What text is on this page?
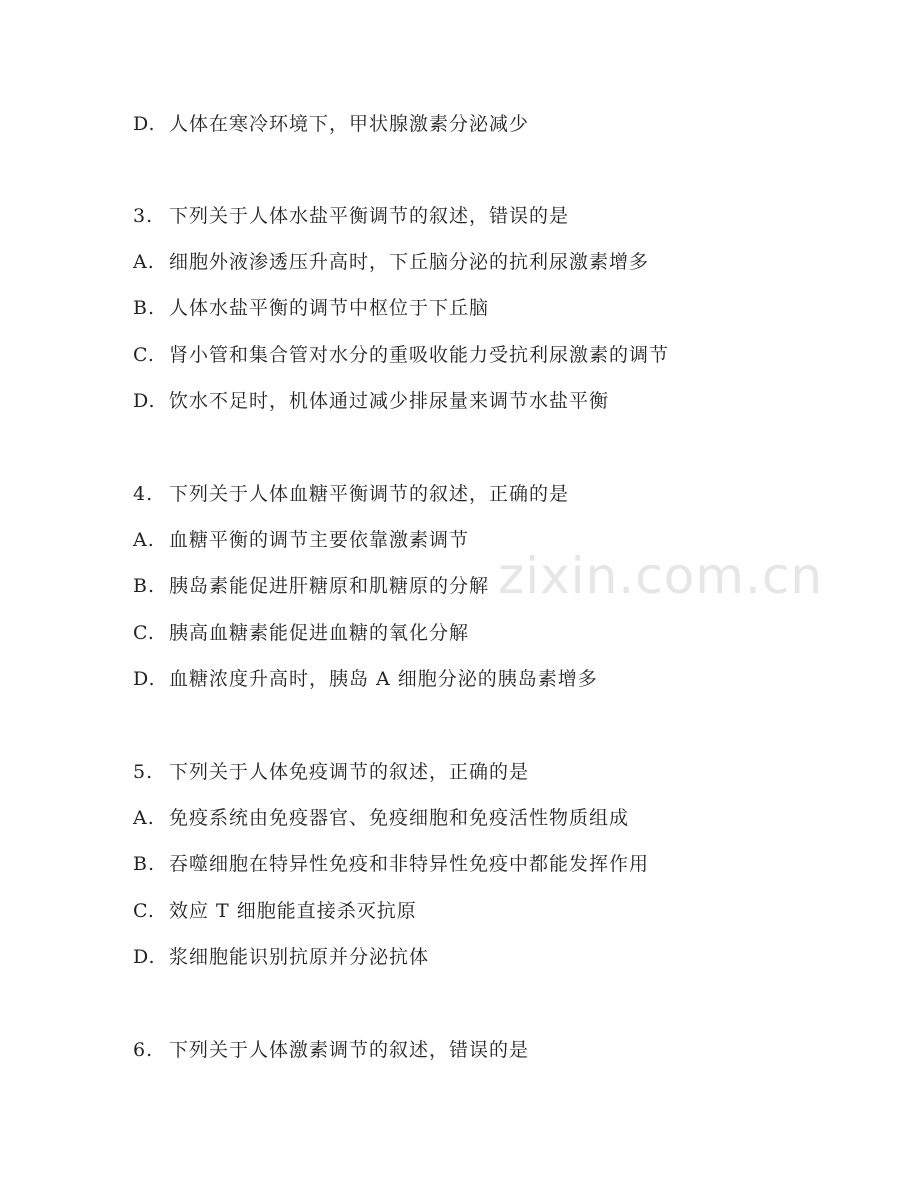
zixin.com.cn
D. 人体在寒冷环境下，甲状腺激素分泌减少
3. 下列关于人体水盐平衡调节的叙述，错误的是
A. 细胞外液渗透压升高时，下丘脑分泌的抗利尿激素增多
B. 人体水盐平衡的调节中枢位于下丘脑
C. 肾小管和集合管对水分的重吸收能力受抗利尿激素的调节
D. 饮水不足时，机体通过减少排尿量来调节水盐平衡
4. 下列关于人体血糖平衡调节的叙述，正确的是
A. 血糖平衡的调节主要依靠激素调节
B. 胰岛素能促进肝糖原和肌糖原的分解
C. 胰高血糖素能促进血糖的氧化分解
D. 血糖浓度升高时，胰岛 A 细胞分泌的胰岛素增多
5. 下列关于人体免疫调节的叙述，正确的是
A. 免疫系统由免疫器官、免疫细胞和免疫活性物质组成
B. 吞噬细胞在特异性免疫和非特异性免疫中都能发挥作用
C. 效应 T 细胞能直接杀灭抗原
D. 浆细胞能识别抗原并分泌抗体
6. 下列关于人体激素调节的叙述，错误的是
